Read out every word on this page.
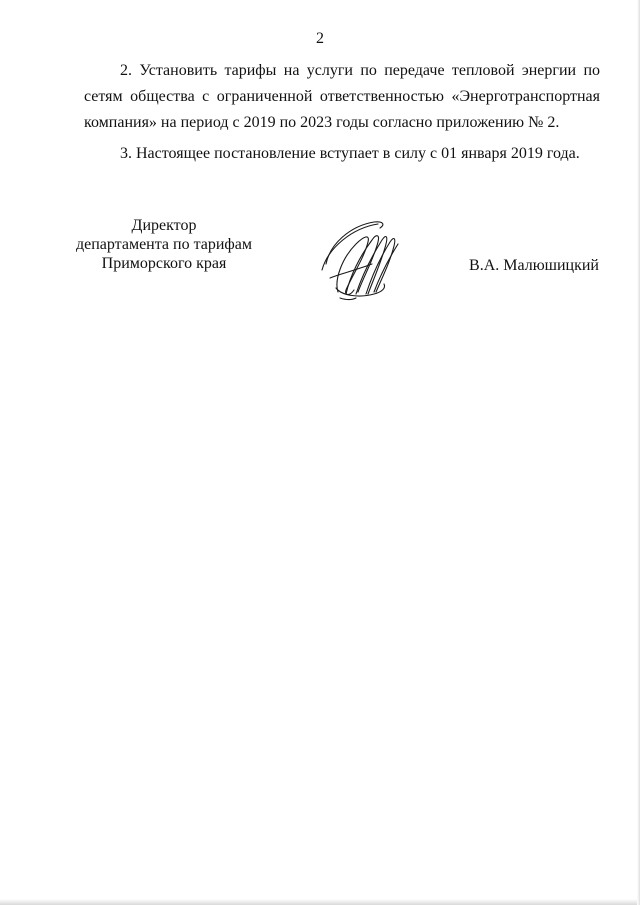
2

2. Установить тарифы на услуги по передаче тепловой энергии по сетям общества с ограниченной ответственностью «Энерготранспортная компания» на период с 2019 по 2023 годы согласно приложению № 2.

3. Настоящее постановление вступает в силу с 01 января 2019 года.

Директор
департамента по тарифам
Приморского края	В.А. Малюшицкий
